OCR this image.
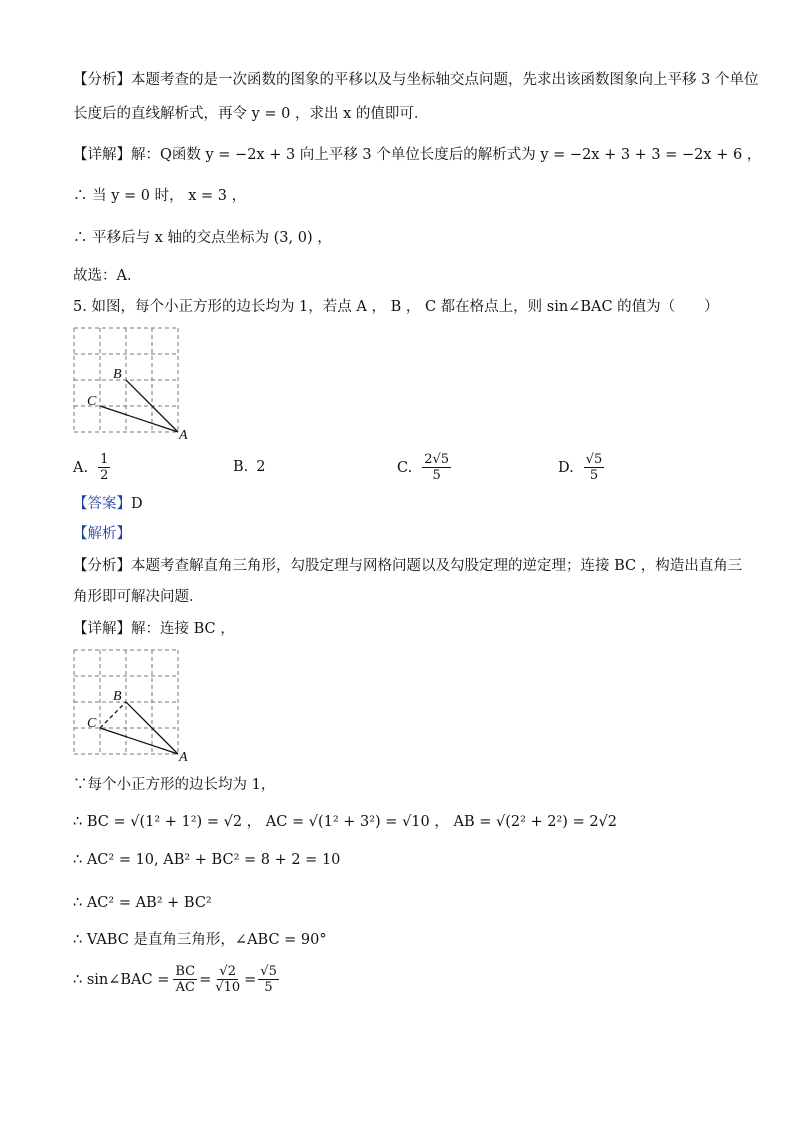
【分析】本题考查的是一次函数的图象的平移以及与坐标轴交点问题，先求出该函数图象向上平移 3 个单位
长度后的直线解析式，再令 y = 0 ，求出 x 的值即可．
【详解】解：Q函数 y = −2x + 3 向上平移 3 个单位长度后的解析式为 y = −2x + 3 + 3 = −2x + 6 ，
∴ 当 y = 0 时， x = 3 ，
∴ 平移后与 x 轴的交点坐标为 (3, 0) ，
故选：A．
5. 如图，每个小正方形的边长均为 1，若点 A ， B ， C 都在格点上，则 sin∠BAC 的值为（　　）
B
C
A
A. $\frac{1}{2}$	B. 2	C. $\frac{2√5}{5}$	D. $\frac{√5}{5}$
【答案】D
【解析】
【分析】本题考查解直角三角形，勾股定理与网格问题以及勾股定理的逆定理；连接 BC ，构造出直角三
角形即可解决问题．
【详解】解：连接 BC ，
B
C
A
∵每个小正方形的边长均为 1，
∴ BC = √(1² + 1²) = √2 ， AC = √(1² + 3²) = √10 ， AB = √(2² + 2²) = 2√2
∴ AC² = 10, AB² + BC² = 8 + 2 = 10
∴ AC² = AB² + BC²
∴ VABC 是直角三角形，∠ABC = 90°
∴ sin∠BAC = $\frac{BC}{AC} = \frac{√2}{√10} = \frac{√5}{5}$
